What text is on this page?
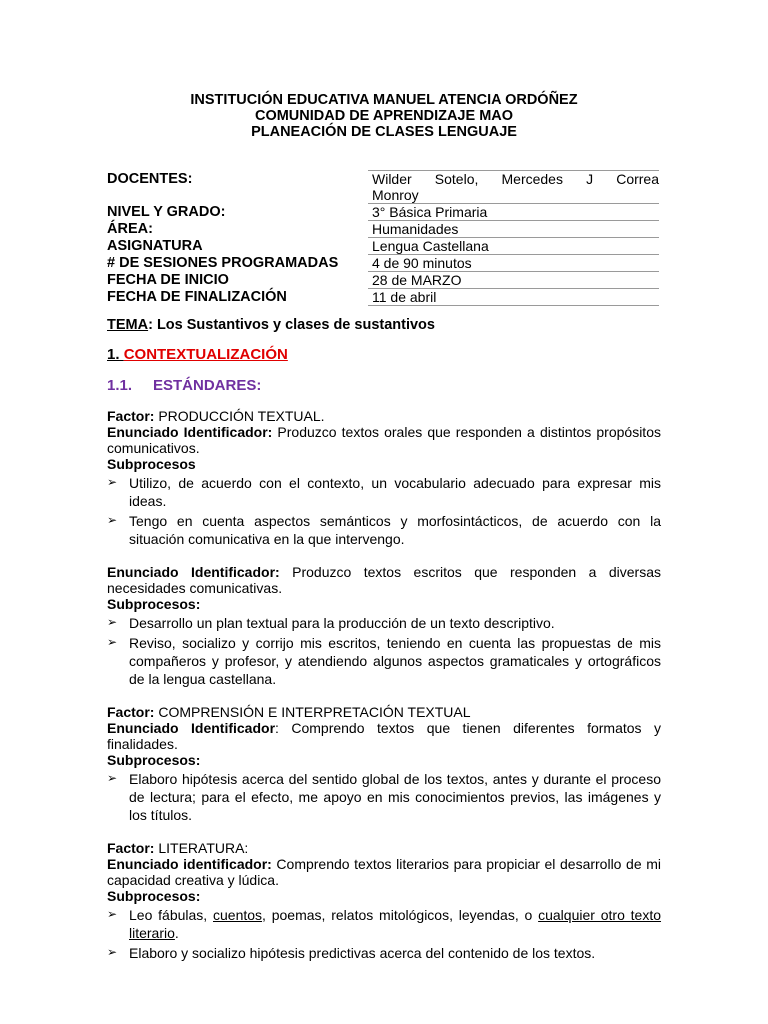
INSTITUCIÓN EDUCATIVA MANUEL ATENCIA ORDÓÑEZ
COMUNIDAD DE APRENDIZAJE MAO
PLANEACIÓN DE CLASES LENGUAJE
DOCENTES:	Wilder Sotelo, Mercedes J Correa
Monroy
NIVEL Y GRADO:	3° Básica Primaria
ÁREA:	Humanidades
ASIGNATURA	Lengua Castellana
# DE SESIONES PROGRAMADAS	4 de 90 minutos
FECHA DE INICIO	28 de MARZO
FECHA DE FINALIZACIÓN	11 de abril
TEMA: Los Sustantivos y clases de sustantivos
1. CONTEXTUALIZACIÓN
1.1. ESTÁNDARES:
Factor: PRODUCCIÓN TEXTUAL.
Enunciado Identificador: Produzco textos orales que responden a distintos propósitos comunicativos.
Subprocesos
➢ Utilizo, de acuerdo con el contexto, un vocabulario adecuado para expresar mis ideas.
➢ Tengo en cuenta aspectos semánticos y morfosintácticos, de acuerdo con la situación comunicativa en la que intervengo.
Enunciado Identificador: Produzco textos escritos que responden a diversas necesidades comunicativas.
Subprocesos:
➢ Desarrollo un plan textual para la producción de un texto descriptivo.
➢ Reviso, socializo y corrijo mis escritos, teniendo en cuenta las propuestas de mis compañeros y profesor, y atendiendo algunos aspectos gramaticales y ortográficos de la lengua castellana.
Factor: COMPRENSIÓN E INTERPRETACIÓN TEXTUAL
Enunciado Identificador: Comprendo textos que tienen diferentes formatos y finalidades.
Subprocesos:
➢ Elaboro hipótesis acerca del sentido global de los textos, antes y durante el proceso de lectura; para el efecto, me apoyo en mis conocimientos previos, las imágenes y los títulos.
Factor: LITERATURA:
Enunciado identificador: Comprendo textos literarios para propiciar el desarrollo de mi capacidad creativa y lúdica.
Subprocesos:
➢ Leo fábulas, cuentos, poemas, relatos mitológicos, leyendas, o cualquier otro texto literario.
➢ Elaboro y socializo hipótesis predictivas acerca del contenido de los textos.
